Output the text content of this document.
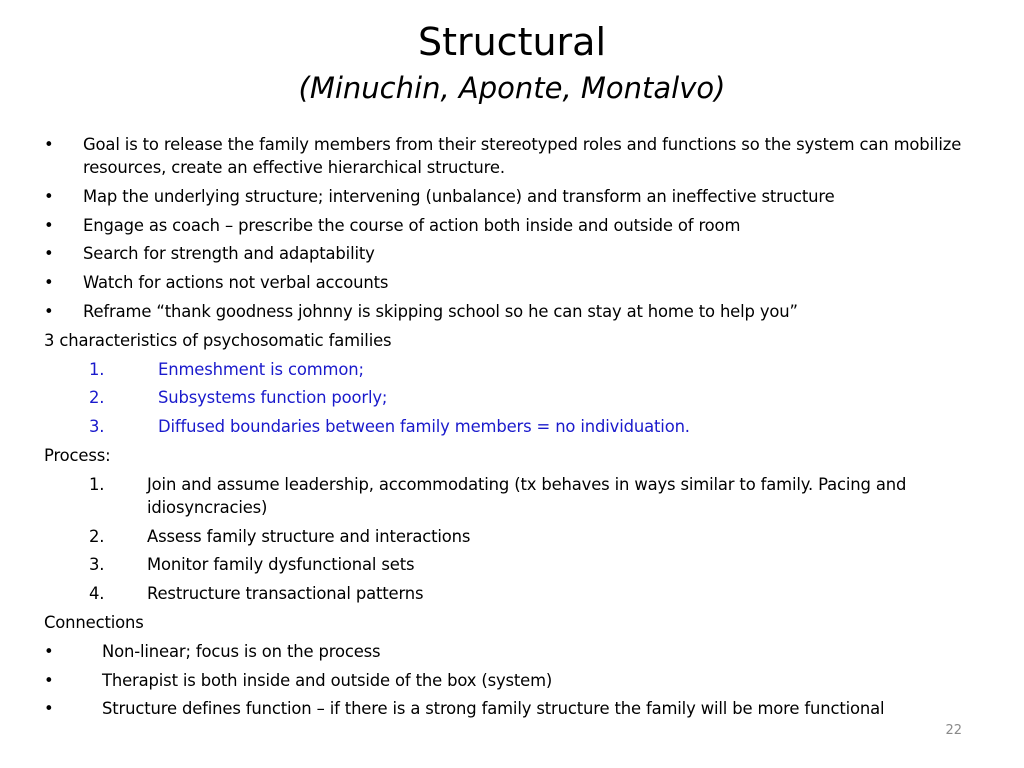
Structural
(Minuchin, Aponte, Montalvo)
• Goal is to release the family members from their stereotyped roles and functions so the system can mobilize resources, create an effective hierarchical structure.
• Map the underlying structure; intervening (unbalance) and transform an ineffective structure
• Engage as coach – prescribe the course of action both inside and outside of room
• Search for strength and adaptability
• Watch for actions not verbal accounts
• Reframe “thank goodness johnny is skipping school so he can stay at home to help you”
3 characteristics of psychosomatic families
1.	Enmeshment is common;
2.	Subsystems function poorly;
3.	Diffused boundaries between family members = no individuation.
Process:
1.	Join and assume leadership, accommodating (tx behaves in ways similar to family. Pacing and idiosyncracies)
2.	Assess family structure and interactions
3.	Monitor family dysfunctional sets
4.	Restructure transactional patterns
Connections
•	Non-linear; focus is on the process
•	Therapist is both inside and outside of the box (system)
•	Structure defines function – if there is a strong family structure the family will be more functional
22
